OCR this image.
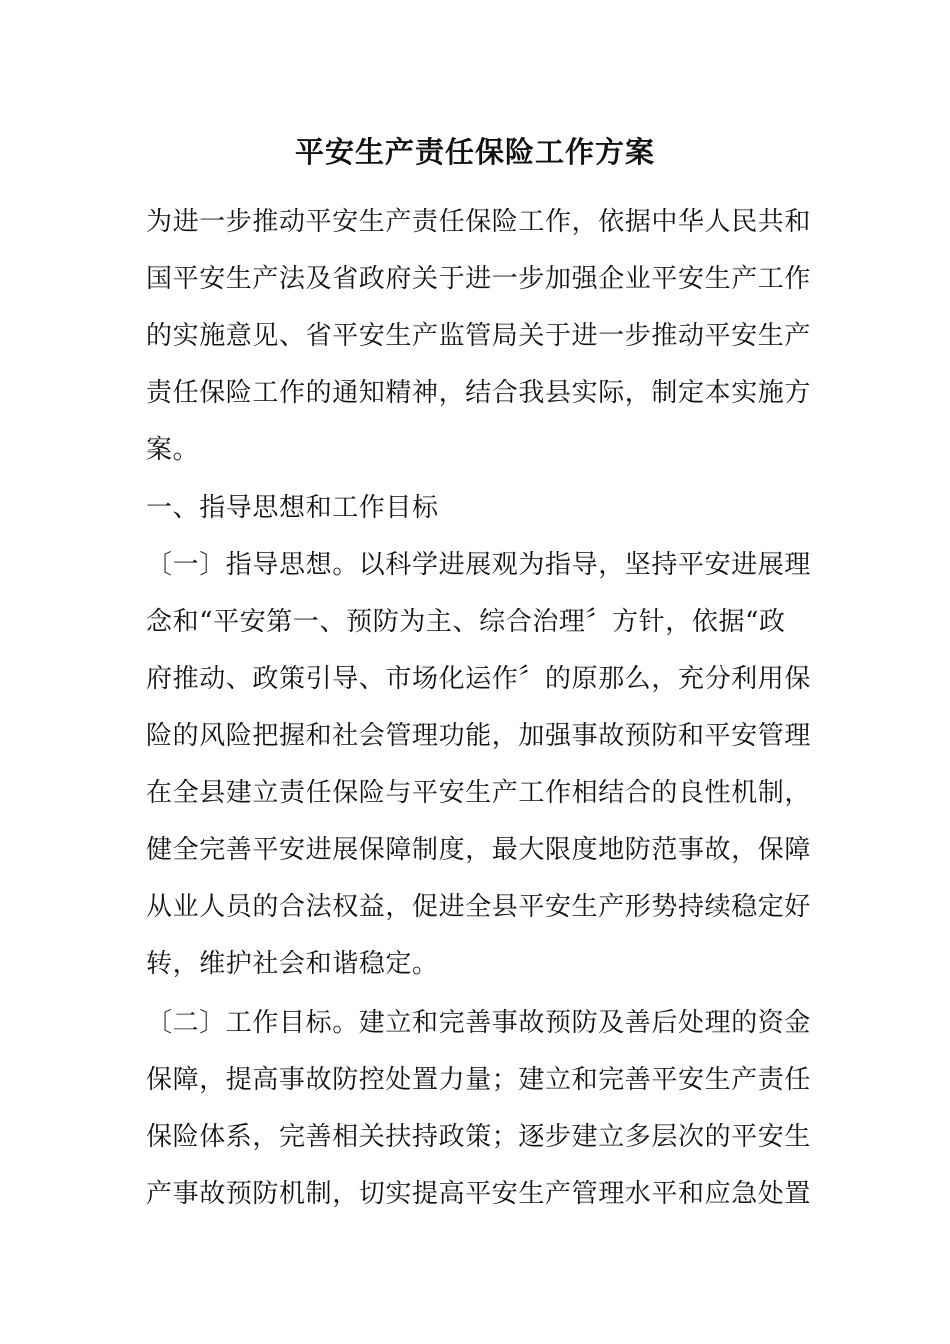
平安生产责任保险工作方案

为进一步推动平安生产责任保险工作，依据中华人民共和

国平安生产法及省政府关于进一步加强企业平安生产工作

的实施意见、省平安生产监管局关于进一步推动平安生产

责任保险工作的通知精神，结合我县实际，制定本实施方

案。

一、指导思想和工作目标

〔一〕指导思想。以科学进展观为指导，坚持平安进展理

念和“平安第一、预防为主、综合治理〞方针，依据“政

府推动、政策引导、市场化运作〞的原那么，充分利用保

险的风险把握和社会管理功能，加强事故预防和平安管理

在全县建立责任保险与平安生产工作相结合的良性机制，

健全完善平安进展保障制度，最大限度地防范事故，保障

从业人员的合法权益，促进全县平安生产形势持续稳定好

转，维护社会和谐稳定。

〔二〕工作目标。建立和完善事故预防及善后处理的资金

保障，提高事故防控处置力量；建立和完善平安生产责任

保险体系，完善相关扶持政策；逐步建立多层次的平安生

产事故预防机制，切实提高平安生产管理水平和应急处置
